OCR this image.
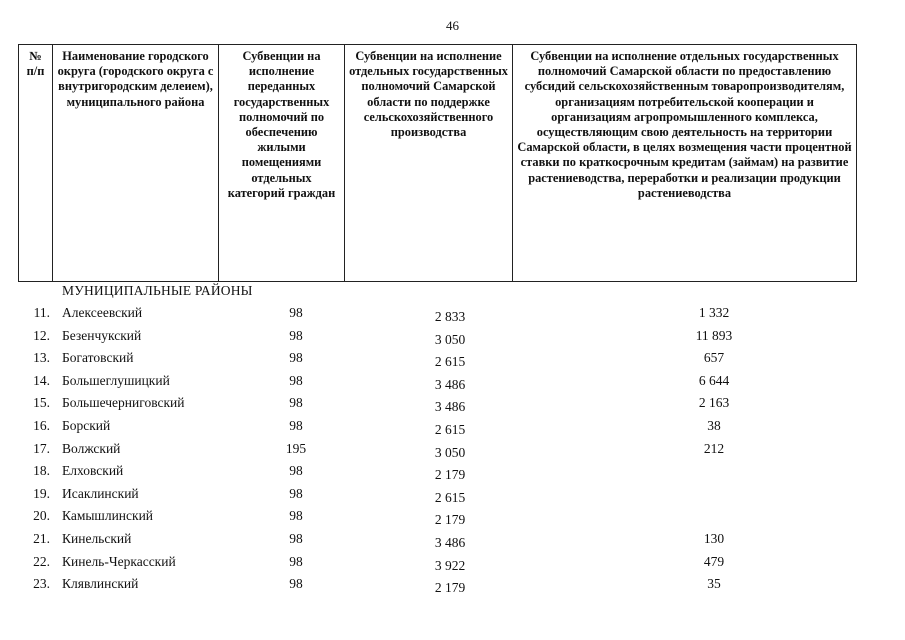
46
№
п/п	Наименование городского округа (городского округа с внутригородским делеием), муниципального района	Субвенции на исполнение переданных государственных полномочий по обеспечению жилыми помещениями отдельных категорий граждан	Субвенции на исполнение отдельных государственных полномочий Самарской области по поддержке сельскохозяйственного производства	Субвенции на исполнение отдельных государственных полномочий Самарской области по предоставлению субсидий сельскохозяйственным товаропроизводителям, организациям потребительской кооперации и организациям агропромышленного комплекса, осуществляющим свою деятельность на территории Самарской области, в целях возмещения части процентной ставки по краткосрочным кредитам (займам) на развитие растениеводства, переработки и реализации продукции растениеводства
МУНИЦИПАЛЬНЫЕ РАЙОНЫ
11. Алексеевский	98	2 833	1 332
12. Безенчукский	98	3 050	11 893
13. Богатовский	98	2 615	657
14. Большеглушицкий	98	3 486	6 644
15. Большечерниговский	98	3 486	2 163
16. Борский	98	2 615	38
17. Волжский	195	3 050	212
18. Елховский	98	2 179
19. Исаклинский	98	2 615
20. Камышлинский	98	2 179
21. Кинельский	98	3 486	130
22. Кинель-Черкасский	98	3 922	479
23. Клявлинский	98	2 179	35
